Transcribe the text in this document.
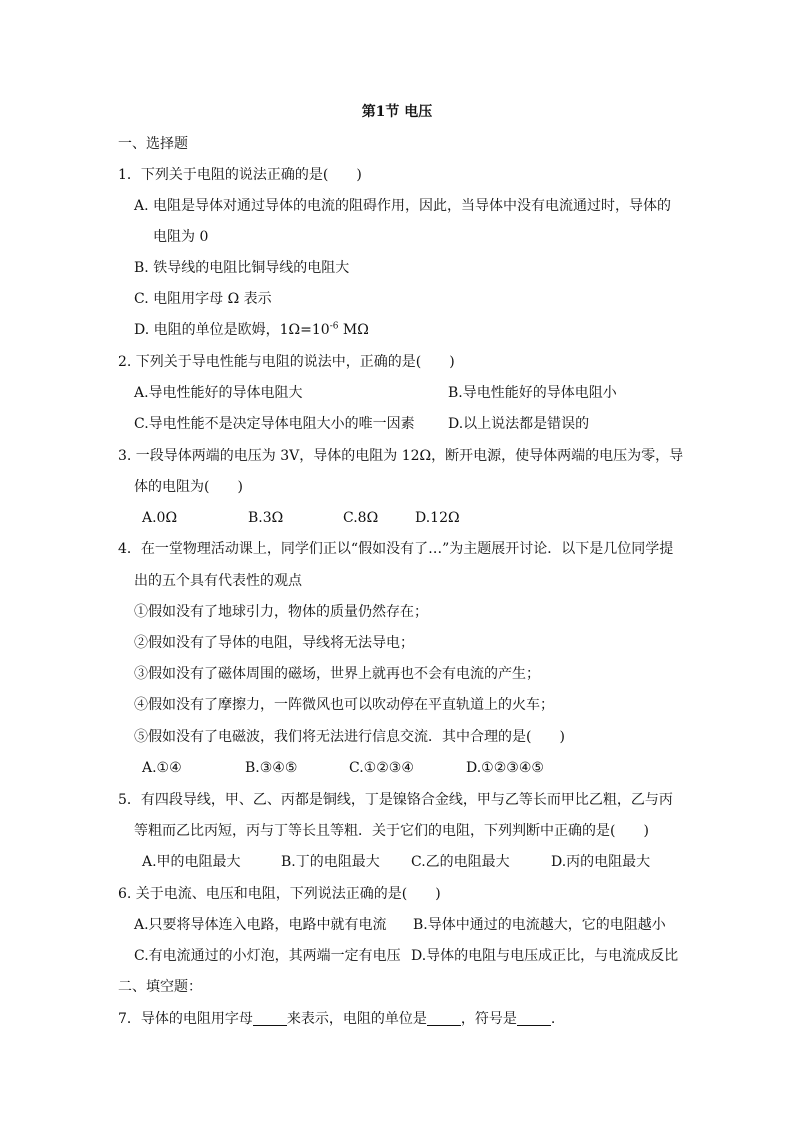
第1节 电压
一、选择题
1．下列关于电阻的说法正确的是(　　)
A. 电阻是导体对通过导体的电流的阻碍作用，因此，当导体中没有电流通过时，导体的
电阻为 0
B. 铁导线的电阻比铜导线的电阻大
C. 电阻用字母 Ω 表示
D. 电阻的单位是欧姆，$1\Omega=10^{-6}$ MΩ
2. 下列关于导电性能与电阻的说法中，正确的是(　　)
A.导电性能好的导体电阻大	B.导电性能好的导体电阻小
C.导电性能不是决定导体电阻大小的唯一因素 D.以上说法都是错误的
3. 一段导体两端的电压为 3V，导体的电阻为 12Ω，断开电源，使导体两端的电压为零，导
体的电阻为(　　)
A.0Ω	B.3Ω	C.8Ω	D.12Ω
4．在一堂物理活动课上，同学们正以“假如没有了…”为主题展开讨论．以下是几位同学提
出的五个具有代表性的观点
①假如没有了地球引力，物体的质量仍然存在；
②假如没有了导体的电阻，导线将无法导电；
③假如没有了磁体周围的磁场，世界上就再也不会有电流的产生；
④假如没有了摩擦力，一阵微风也可以吹动停在平直轨道上的火车；
⑤假如没有了电磁波，我们将无法进行信息交流．其中合理的是(　　)
A.①④	B.③④⑤	C.①②③④	D.①②③④⑤
5．有四段导线，甲、乙、丙都是铜线，丁是镍铬合金线，甲与乙等长而甲比乙粗，乙与丙
等粗而乙比丙短，丙与丁等长且等粗．关于它们的电阻，下列判断中正确的是(　　)
A.甲的电阻最大	B.丁的电阻最大 C.乙的电阻最大	D.丙的电阻最大
6. 关于电流、电压和电阻，下列说法正确的是(　　)
A.只要将导体连入电路，电路中就有电流 B.导体中通过的电流越大，它的电阻越小
C.有电流通过的小灯泡，其两端一定有电压 D.导体的电阻与电压成正比，与电流成反比
二、填空题：
7．导体的电阻用字母 来表示，电阻的单位是 ，符号是 .
